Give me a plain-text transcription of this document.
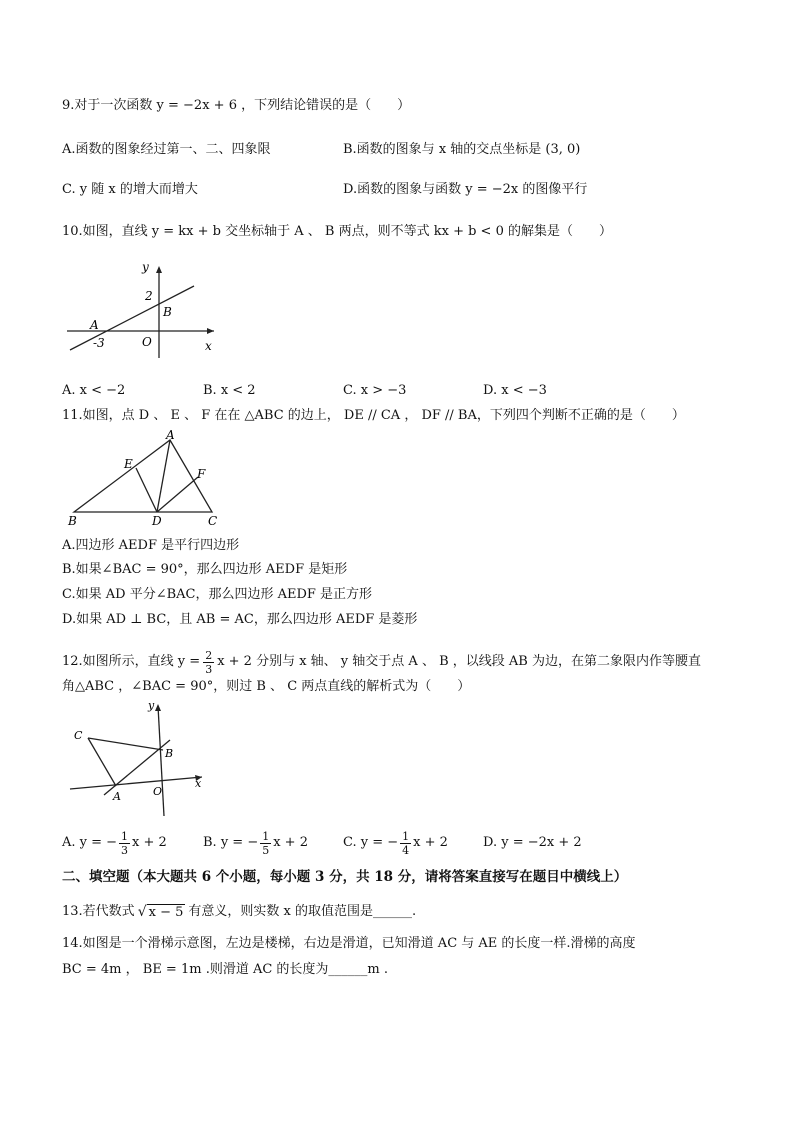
9.对于一次函数 y = −2x + 6 ，下列结论错误的是（　　）
A.函数的图象经过第一、二、四象限	B.函数的图象与 x 轴的交点坐标是 (3, 0)
C. y 随 x 的增大而增大	D.函数的图象与函数 y = −2x 的图像平行
10.如图，直线 y = kx + b 交坐标轴于 A 、 B 两点，则不等式 kx + b < 0 的解集是（　　）
y
x
2
B
A
-3	O
A. x < −2	B. x < 2	C. x > −3	D. x < −3
11.如图，点 D 、 E 、 F 在在 △ABC 的边上， DE // CA ， DF // BA，下列四个判断不正确的是（　　）
A
E
F
B	D	C
A.四边形 AEDF 是平行四边形
B.如果∠BAC = 90°，那么四边形 AEDF 是矩形
C.如果 AD 平分∠BAC，那么四边形 AEDF 是正方形
D.如果 AD ⊥ BC，且 AB = AC，那么四边形 AEDF 是菱形
12.如图所示，直线 $y = \frac{2}{3}$ x + 2 分别与 x 轴、 y 轴交于点 A 、 B ，以线段 AB 为边，在第二象限内作等腰直
角△ABC ，∠BAC = 90°，则过 B 、 C 两点直线的解析式为（　　）
y
C
B
x
A	O
A. y = − $\frac{1}{3}$ x + 2	B. y = − $\frac{1}{5}$ x + 2	C. y = − $\frac{1}{4}$ x + 2	D. y = −2x + 2
二、填空题（本大题共 6 个小题，每小题 3 分，共 18 分，请将答案直接写在题目中横线上）
13.若代数式 √ x − 5 有意义，则实数 x 的取值范围是______.
14.如图是一个滑梯示意图，左边是楼梯，右边是滑道，已知滑道 AC 与 AE 的长度一样.滑梯的高度
BC = 4m ， BE = 1m .则滑道 AC 的长度为______m .
